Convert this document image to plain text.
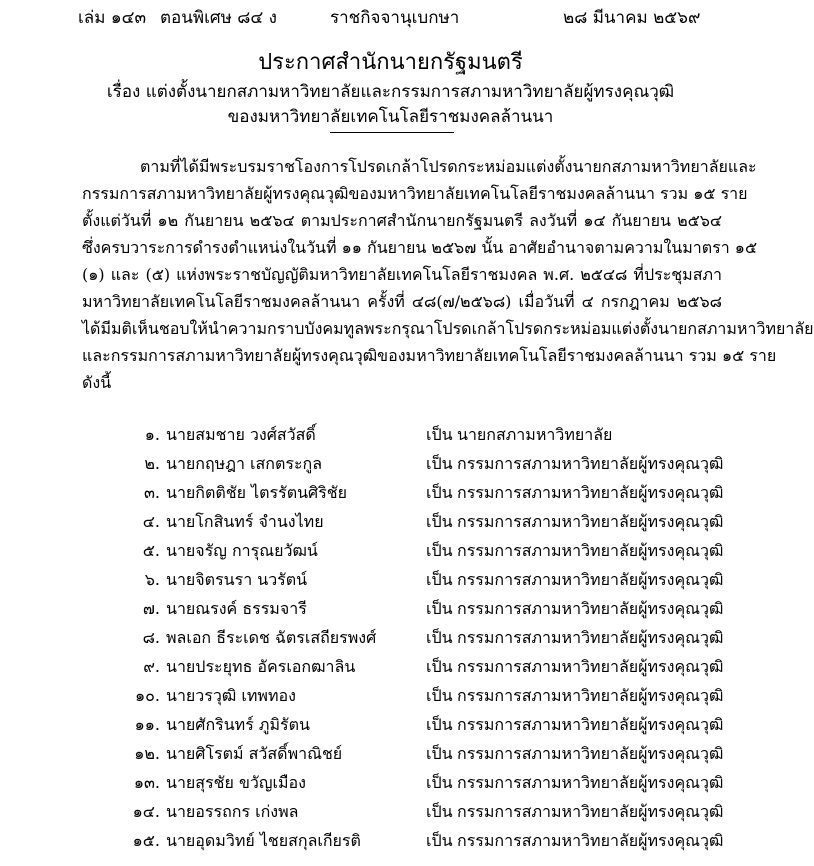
เล่ม ๑๔๓ ตอนพิเศษ ๘๔ ง	ราชกิจจานุเบกษา	๒๘ มีนาคม ๒๕๖๙
ประกาศสำนักนายกรัฐมนตรี
เรื่อง แต่งตั้งนายกสภามหาวิทยาลัยและกรรมการสภามหาวิทยาลัยผู้ทรงคุณวุฒิ
ของมหาวิทยาลัยเทคโนโลยีราชมงคลล้านนา
ตามที่ได้มีพระบรมราชโองการโปรดเกล้าโปรดกระหม่อมแต่งตั้งนายกสภามหาวิทยาลัยและ
กรรมการสภามหาวิทยาลัยผู้ทรงคุณวุฒิของมหาวิทยาลัยเทคโนโลยีราชมงคลล้านนา รวม ๑๕ ราย
ตั้งแต่วันที่ ๑๒ กันยายน ๒๕๖๔ ตามประกาศสำนักนายกรัฐมนตรี ลงวันที่ ๑๔ กันยายน ๒๕๖๔
ซึ่งครบวาระการดำรงตำแหน่งในวันที่ ๑๑ กันยายน ๒๕๖๗ นั้น อาศัยอำนาจตามความในมาตรา ๑๕
(๑) และ (๕) แห่งพระราชบัญญัติมหาวิทยาลัยเทคโนโลยีราชมงคล พ.ศ. ๒๕๔๘ ที่ประชุมสภา
มหาวิทยาลัยเทคโนโลยีราชมงคลล้านนา ครั้งที่ ๔๘(๗/๒๕๖๘) เมื่อวันที่ ๔ กรกฎาคม ๒๕๖๘
ได้มีมติเห็นชอบให้นำความกราบบังคมทูลพระกรุณาโปรดเกล้าโปรดกระหม่อมแต่งตั้งนายกสภามหาวิทยาลัย
และกรรมการสภามหาวิทยาลัยผู้ทรงคุณวุฒิของมหาวิทยาลัยเทคโนโลยีราชมงคลล้านนา รวม ๑๕ ราย
ดังนี้
๑. นายสมชาย วงศ์สวัสดิ์	เป็น นายกสภามหาวิทยาลัย
๒. นายกฤษฎา เสกตระกูล	เป็น กรรมการสภามหาวิทยาลัยผู้ทรงคุณวุฒิ
๓. นายกิตติชัย ไตรรัตนศิริชัย	เป็น กรรมการสภามหาวิทยาลัยผู้ทรงคุณวุฒิ
๔. นายโกสินทร์ จำนงไทย	เป็น กรรมการสภามหาวิทยาลัยผู้ทรงคุณวุฒิ
๕. นายจรัญ การุณยวัฒน์	เป็น กรรมการสภามหาวิทยาลัยผู้ทรงคุณวุฒิ
๖. นายจิตรนรา นวรัตน์	เป็น กรรมการสภามหาวิทยาลัยผู้ทรงคุณวุฒิ
๗. นายณรงค์ ธรรมจารี	เป็น กรรมการสภามหาวิทยาลัยผู้ทรงคุณวุฒิ
๘. พลเอก ธีระเดช ฉัตรเสถียรพงศ์	เป็น กรรมการสภามหาวิทยาลัยผู้ทรงคุณวุฒิ
๙. นายประยุทธ อัครเอกฒาลิน	เป็น กรรมการสภามหาวิทยาลัยผู้ทรงคุณวุฒิ
๑๐. นายวรวุฒิ เทพทอง	เป็น กรรมการสภามหาวิทยาลัยผู้ทรงคุณวุฒิ
๑๑. นายศักรินทร์ ภูมิรัตน	เป็น กรรมการสภามหาวิทยาลัยผู้ทรงคุณวุฒิ
๑๒. นายศิโรตม์ สวัสดิ์พาณิชย์	เป็น กรรมการสภามหาวิทยาลัยผู้ทรงคุณวุฒิ
๑๓. นายสุรชัย ขวัญเมือง	เป็น กรรมการสภามหาวิทยาลัยผู้ทรงคุณวุฒิ
๑๔. นายอรรถกร เก่งพล	เป็น กรรมการสภามหาวิทยาลัยผู้ทรงคุณวุฒิ
๑๕. นายอุดมวิทย์ ไชยสกุลเกียรติ	เป็น กรรมการสภามหาวิทยาลัยผู้ทรงคุณวุฒิ
